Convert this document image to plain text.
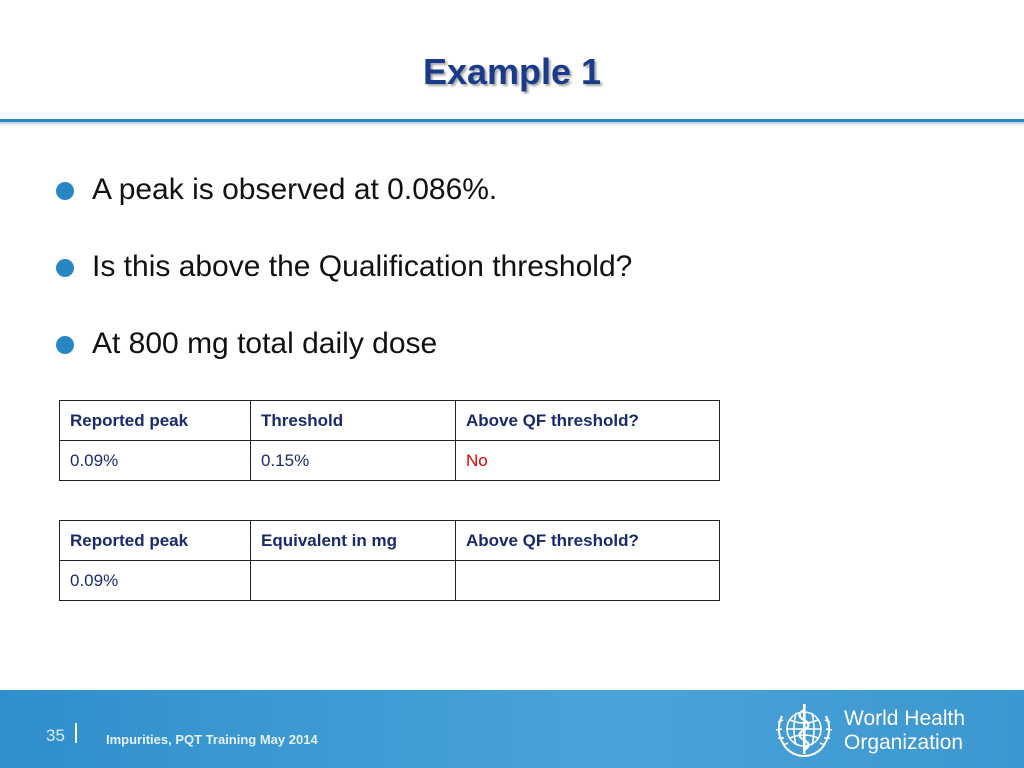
Example 1
A peak is observed at 0.086%.
Is this above the Qualification threshold?
At 800 mg total daily dose
Reported peak	Threshold	Above QF threshold?
0.09%	0.15%	No
Reported peak	Equivalent in mg	Above QF threshold?
0.09%		
35	Impurities, PQT Training May 2014
World Health
Organization
